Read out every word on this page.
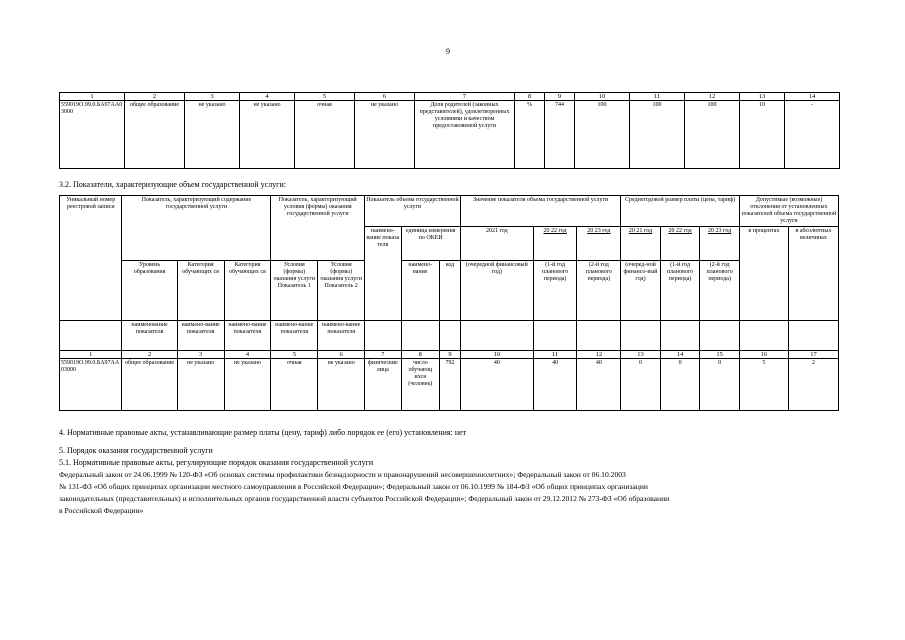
9
1	2	3	4	5	6	7	8	9	10	11	12	13	14
559019О.99.0.БА97АА03000	общее образование	не указано	не указано	очная	не указано	Доля родителей (законных представителей), удовлетворенных условиями и качеством предоставляемой услуги	%	744	100	100	100	10	-
3.2. Показатели, характеризующие объем государственной услуги:
Уникальный номер реестровой записи	Показатель, характеризующий содержание государственной услуги			Показатель, характеризующий условия (формы) оказания государственной услуги		Показатель объема государственной услуги			Значение показателя объема государственной услуги			Среднегодовой размер платы (цена, тариф)			Допустимые (возможные) отклонения от установленных показателей объема государственной услуги	
						наимено-вание показа теля	единица измерения по ОКЕИ		2021 год	20 22 год	20 23 год	20 21 год	20 22 год	20 23 год	в процентах	в абсолютных величинах
	Уровень образования	Категория обучающих ся	Категория обучающих ся	Условия (формы) оказания услуги Показатель 1	Условия (формы) оказания услуги Показатель 2		наимено-вание	код	(очередной финансовый год)	(1-й год планового периода)	(2-й год планового периода)	(очеред-ной финансо-вый год)	(1-й год планового периода)	(2-й год планового периода)		
	наименование показателя	наимено-вание показателя	наимено-вание показателя	наимено-вание показателя	наимено-вание показателя											
1	2	3	4	5	6	7	8	9	10	11	12	13	14	15	16	17
559019О.99.0.БА97АА03000	общее образование	не указано	не указано	очная	не указано	физические лица	число обучающ ихся (человек)	792	40	40	40	0	0	0	5	2
4. Нормативные правовые акты, устанавливающие размер платы (цену, тариф) либо порядок ее (его) установления: нет
5. Порядок оказания государственной услуги
5.1. Нормативные правовые акты, регулирующие порядок оказания государственной услуги
Федеральный закон от 24.06.1999 № 120-ФЗ «Об основах системы профилактики безнадзорности и правонарушений несовершеннолетних»; Федеральный закон от 06.10.2003
№ 131-ФЗ «Об общих принципах организации местного самоуправления в Российской Федерации»; Федеральный закон от 06.10.1999 № 184-ФЗ «Об общих принципах организации
законодательных (представительных) и исполнительных органов государственной власти субъектов Российской Федерации»; Федеральный закон от 29.12.2012 № 273-ФЗ «Об образовании
в Российской Федерации»
